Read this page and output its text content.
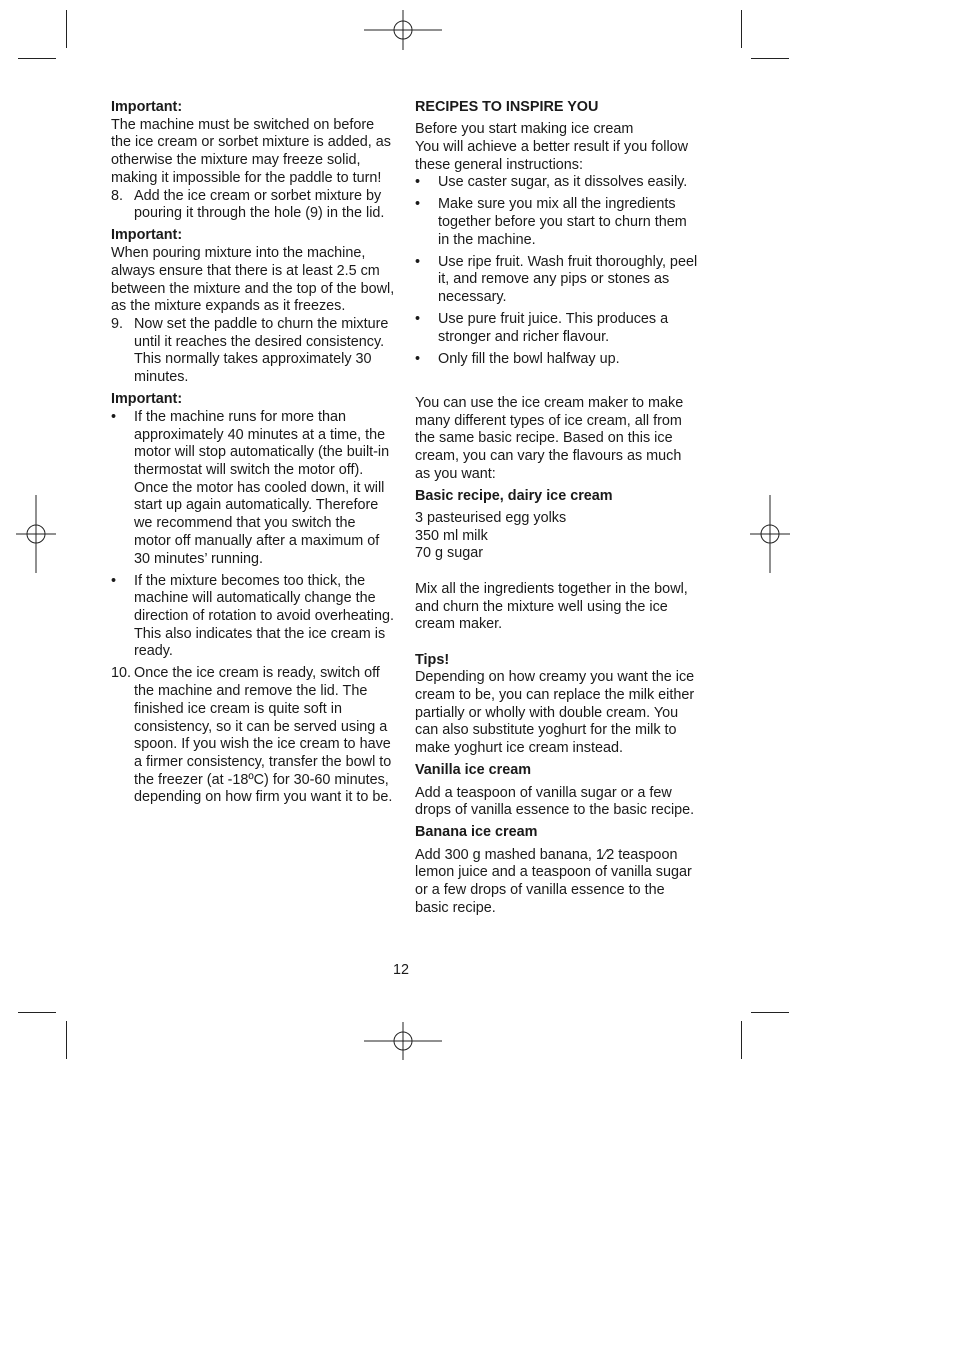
Important:

The machine must be switched on before the ice cream or sorbet mixture is added, as otherwise the mixture may freeze solid, making it impossible for the paddle to turn!

8. Add the ice cream or sorbet mixture by pouring it through the hole (9) in the lid.

Important:

When pouring mixture into the machine, always ensure that there is at least 2.5 cm between the mixture and the top of the bowl, as the mixture expands as it freezes.

9. Now set the paddle to churn the mixture until it reaches the desired consistency. This normally takes approximately 30 minutes.

Important:

•	If the machine runs for more than approximately 40 minutes at a time, the motor will stop automatically (the built-in thermostat will switch the motor off). Once the motor has cooled down, it will start up again automatically. Therefore we recommend that you switch the motor off manually after a maximum of 30 minutes’ running.
•	If the mixture becomes too thick, the machine will automatically change the direction of rotation to avoid overheating. This also indicates that the ice cream is ready.
10. Once the ice cream is ready, switch off the machine and remove the lid. The finished ice cream is quite soft in consistency, so it can be served using a spoon. If you wish the ice cream to have a firmer consistency, transfer the bowl to the freezer (at -18ºC) for 30-60 minutes, depending on how firm you want it to be.

RECIPES TO INSPIRE YOU

Before you start making ice cream

You will achieve a better result if you follow these general instructions:

•	Use caster sugar, as it dissolves easily.
•	Make sure you mix all the ingredients together before you start to churn them in the machine.
•	Use ripe fruit. Wash fruit thoroughly, peel it, and remove any pips or stones as necessary.
•	Use pure fruit juice. This produces a stronger and richer flavour.
•	Only fill the bowl halfway up.

You can use the ice cream maker to make many different types of ice cream, all from the same basic recipe. Based on this ice cream, you can vary the flavours as much as you want:

Basic recipe, dairy ice cream

3 pasteurised egg yolks

350 ml milk

70 g sugar

Mix all the ingredients together in the bowl, and churn the mixture well using the ice cream maker.

Tips!

Depending on how creamy you want the ice cream to be, you can replace the milk either partially or wholly with double cream. You can also substitute yoghurt for the milk to make yoghurt ice cream instead.

Vanilla ice cream

Add a teaspoon of vanilla sugar or a few drops of vanilla essence to the basic recipe.

Banana ice cream

Add 300 g mashed banana, 1⁄2 teaspoon lemon juice and a teaspoon of vanilla sugar or a few drops of vanilla essence to the basic recipe.

12
